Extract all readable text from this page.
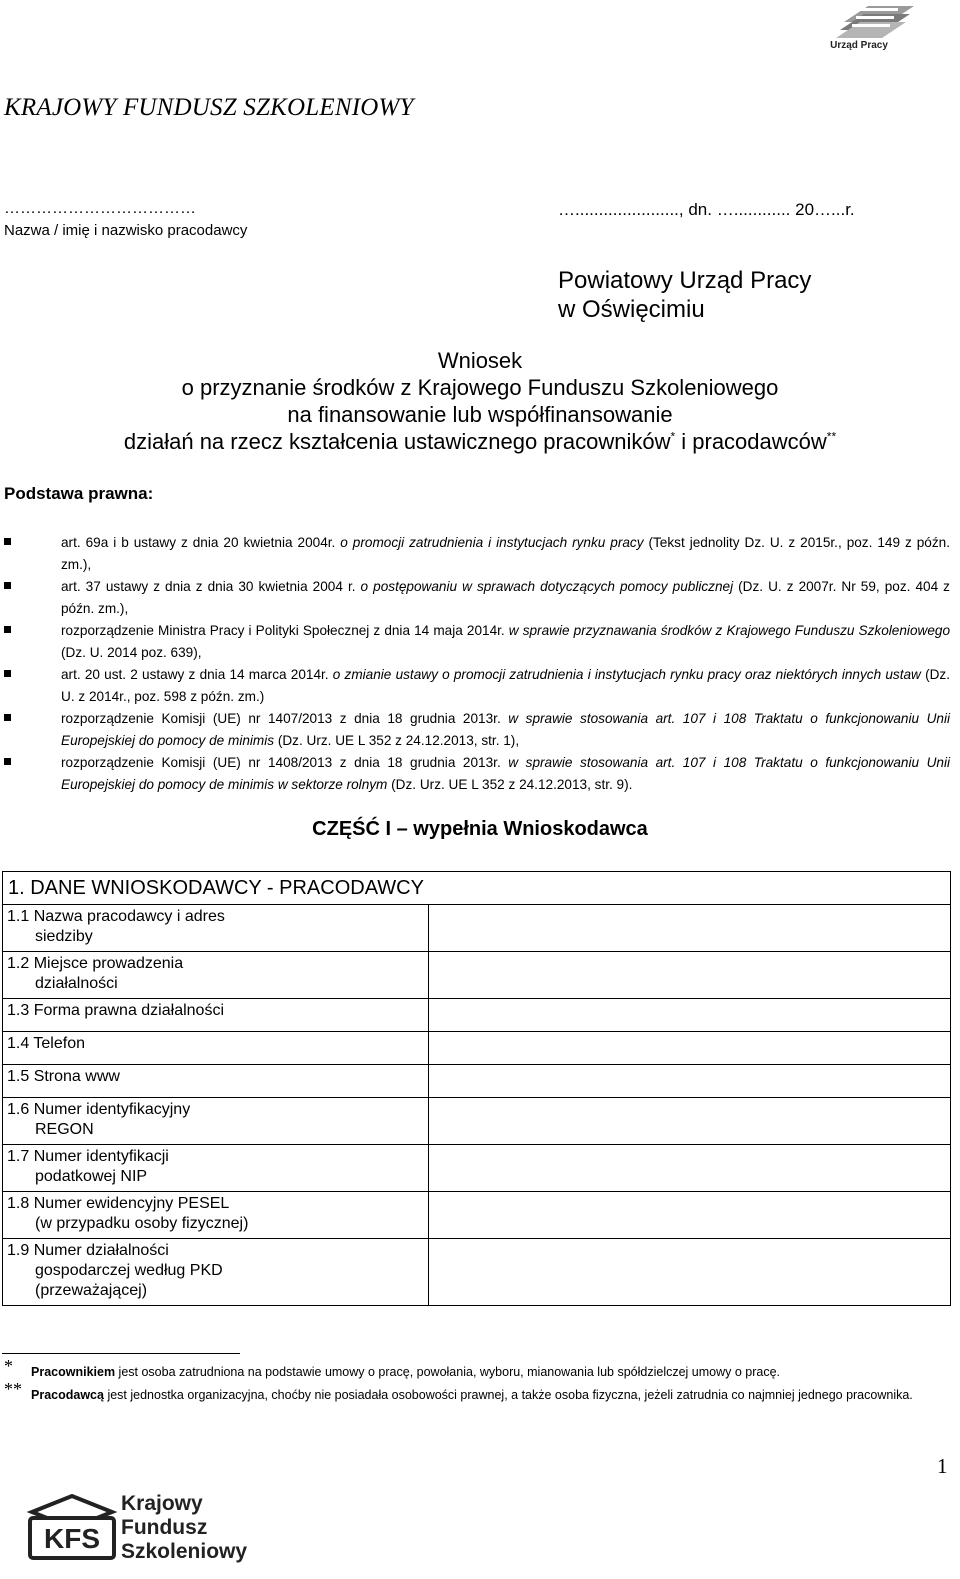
Urząd Pracy
KRAJOWY FUNDUSZ SZKOLENIOWY
………………………………
Nazwa / imię i nazwisko pracodawcy
…......................, dn. …............ 20…...r.
Powiatowy Urząd Pracy
w Oświęcimiu
Wniosek
o przyznanie środków z Krajowego Funduszu Szkoleniowego
na finansowanie lub współfinansowanie
działań na rzecz kształcenia ustawicznego pracowników* i pracodawców**
Podstawa prawna:
art. 69a i b ustawy z dnia 20 kwietnia 2004r. o promocji zatrudnienia i instytucjach rynku pracy (Tekst jednolity Dz. U. z 2015r., poz. 149 z późn. zm.),
art. 37 ustawy z dnia z dnia 30 kwietnia 2004 r. o postępowaniu w sprawach dotyczących pomocy publicznej (Dz. U. z 2007r. Nr 59, poz. 404 z późn. zm.),
rozporządzenie Ministra Pracy i Polityki Społecznej z dnia 14 maja 2014r. w sprawie przyznawania środków z Krajowego Funduszu Szkoleniowego (Dz. U. 2014 poz. 639),
art. 20 ust. 2 ustawy z dnia 14 marca 2014r. o zmianie ustawy o promocji zatrudnienia i instytucjach rynku pracy oraz niektórych innych ustaw (Dz. U. z 2014r., poz. 598 z późn. zm.)
rozporządzenie Komisji (UE) nr 1407/2013 z dnia 18 grudnia 2013r. w sprawie stosowania art. 107 i 108 Traktatu o funkcjonowaniu Unii Europejskiej do pomocy de minimis (Dz. Urz. UE L 352 z 24.12.2013, str. 1),
rozporządzenie Komisji (UE) nr 1408/2013 z dnia 18 grudnia 2013r. w sprawie stosowania art. 107 i 108 Traktatu o funkcjonowaniu Unii Europejskiej do pomocy de minimis w sektorze rolnym (Dz. Urz. UE L 352 z 24.12.2013, str. 9).
CZĘŚĆ I – wypełnia Wnioskodawca
1. DANE WNIOSKODAWCY - PRACODAWCY	
1.1 Nazwa pracodawcy i adres
siedziby	

1.2 Miejsce prowadzenia
działalności	

1.3 Forma prawna działalności	
1.4 Telefon	
1.5 Strona www	
1.6 Numer identyfikacyjny
REGON	

1.7 Numer identyfikacji
podatkowej NIP	

1.8 Numer ewidencyjny PESEL
(w przypadku osoby fizycznej)	

1.9 Numer działalności
gospodarczej według PKD
(przeważającej)	

*	Pracownikiem jest osoba zatrudniona na podstawie umowy o pracę, powołania, wyboru, mianowania lub spółdzielczej umowy o pracę.
** Pracodawcą jest jednostka organizacyjna, choćby nie posiadała osobowości prawnej, a także osoba fizyczna, jeżeli zatrudnia co najmniej jednego pracownika.
1
KFS
Krajowy
Fundusz
Szkoleniowy
